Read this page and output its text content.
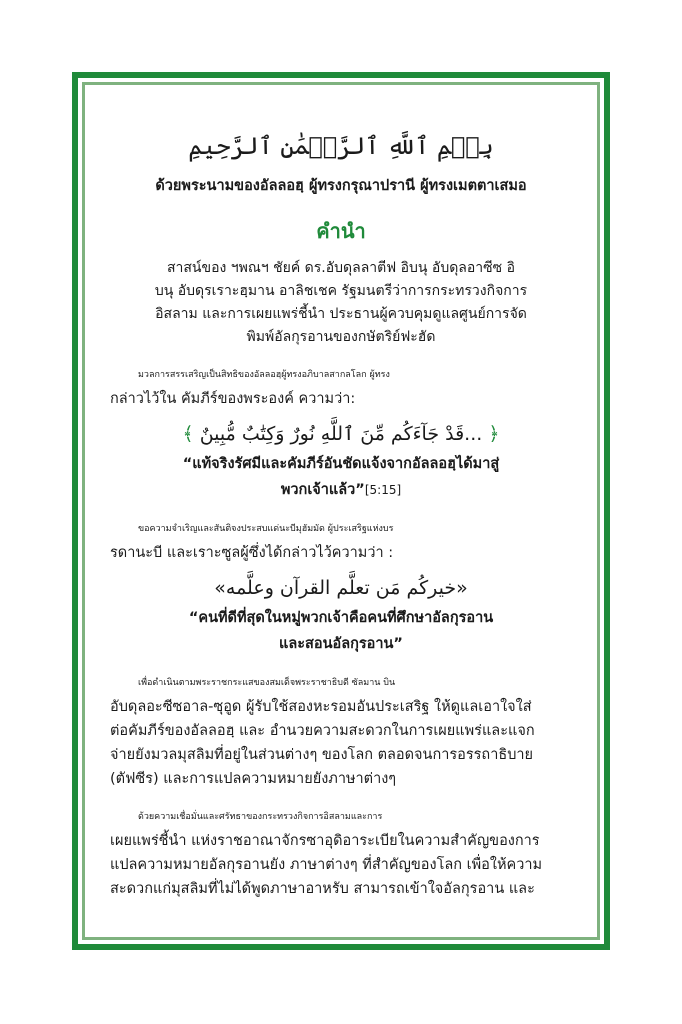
بِسۡمِ ٱللَّهِ ٱلرَّحۡمَٰنِ ٱلرَّحِيمِ
ด้วยพระนามของอัลลอฮฺ ผู้ทรงกรุณาปรานี ผู้ทรงเมตตาเสมอ
คำนำ
สาสน์ของ ฯพณฯ ชัยค์ ดร.อับดุลลาตีฟ อิบนุ อับดุลอาซีซ อิ
บนุ อับดุรเราะฮฺมาน อาลิชเชค รัฐมนตรีว่าการกระทรวงกิจการ
อิสลาม และการเผยแพร่ชี้นำ ประธานผู้ควบคุมดูแลศูนย์การจัด
พิมพ์อัลกุรอานของกษัตริย์ฟะฮัด
มวลการสรรเสริญเป็นสิทธิของอัลลอฮฺผู้ทรงอภิบาลสากลโลก ผู้ทรง
กล่าวไว้ใน คัมภีร์ของพระองค์ ความว่า:
﴿ ...قَدْ جَآءَكُم مِّنَ ٱللَّهِ نُورٌ وَكِتَٰبٌ مُّبِينٌ ﴾
“แท้จริงรัศมีและคัมภีร์อันชัดแจ้งจากอัลลอฮฺได้มาสู่
พวกเจ้าแล้ว”[5:15]
ขอความจำเริญและสันติจงประสบแด่นะบีมุฮัมมัด ผู้ประเสริฐแห่งบร
รดานะบี และเราะซูลผู้ซึ่งได้กล่าวไว้ความว่า :
«خيركُم مَن تعلَّم القرآن وعلَّمه»
“คนที่ดีที่สุดในหมู่พวกเจ้าคือคนที่ศึกษาอัลกุรอาน
และสอนอัลกุรอาน”
เพื่อดำเนินตามพระราชกระแสของสมเด็จพระราชาธิบดี ซัลมาน บิน
อับดุลอะซีซอาล-ซุอูด ผู้รับใช้สองหะรอมอันประเสริฐ ให้ดูแลเอาใจใส่
ต่อคัมภีร์ของอัลลอฮฺ และ อำนวยความสะดวกในการเผยแพร่และแจก
จ่ายยังมวลมุสลิมที่อยู่ในส่วนต่างๆ ของโลก ตลอดจนการอรรถาธิบาย
(ตัฟซีร) และการแปลความหมายยังภาษาต่างๆ
ด้วยความเชื่อมั่นและศรัทธาของกระทรวงกิจการอิสลามและการ
เผยแพร่ชี้นำ แห่งราชอาณาจักรซาอุดิอาระเบียในความสำคัญของการ
แปลความหมายอัลกุรอานยัง ภาษาต่างๆ ที่สำคัญของโลก เพื่อให้ความ
สะดวกแก่มุสลิมที่ไม่ได้พูดภาษาอาหรับ สามารถเข้าใจอัลกุรอาน และ
